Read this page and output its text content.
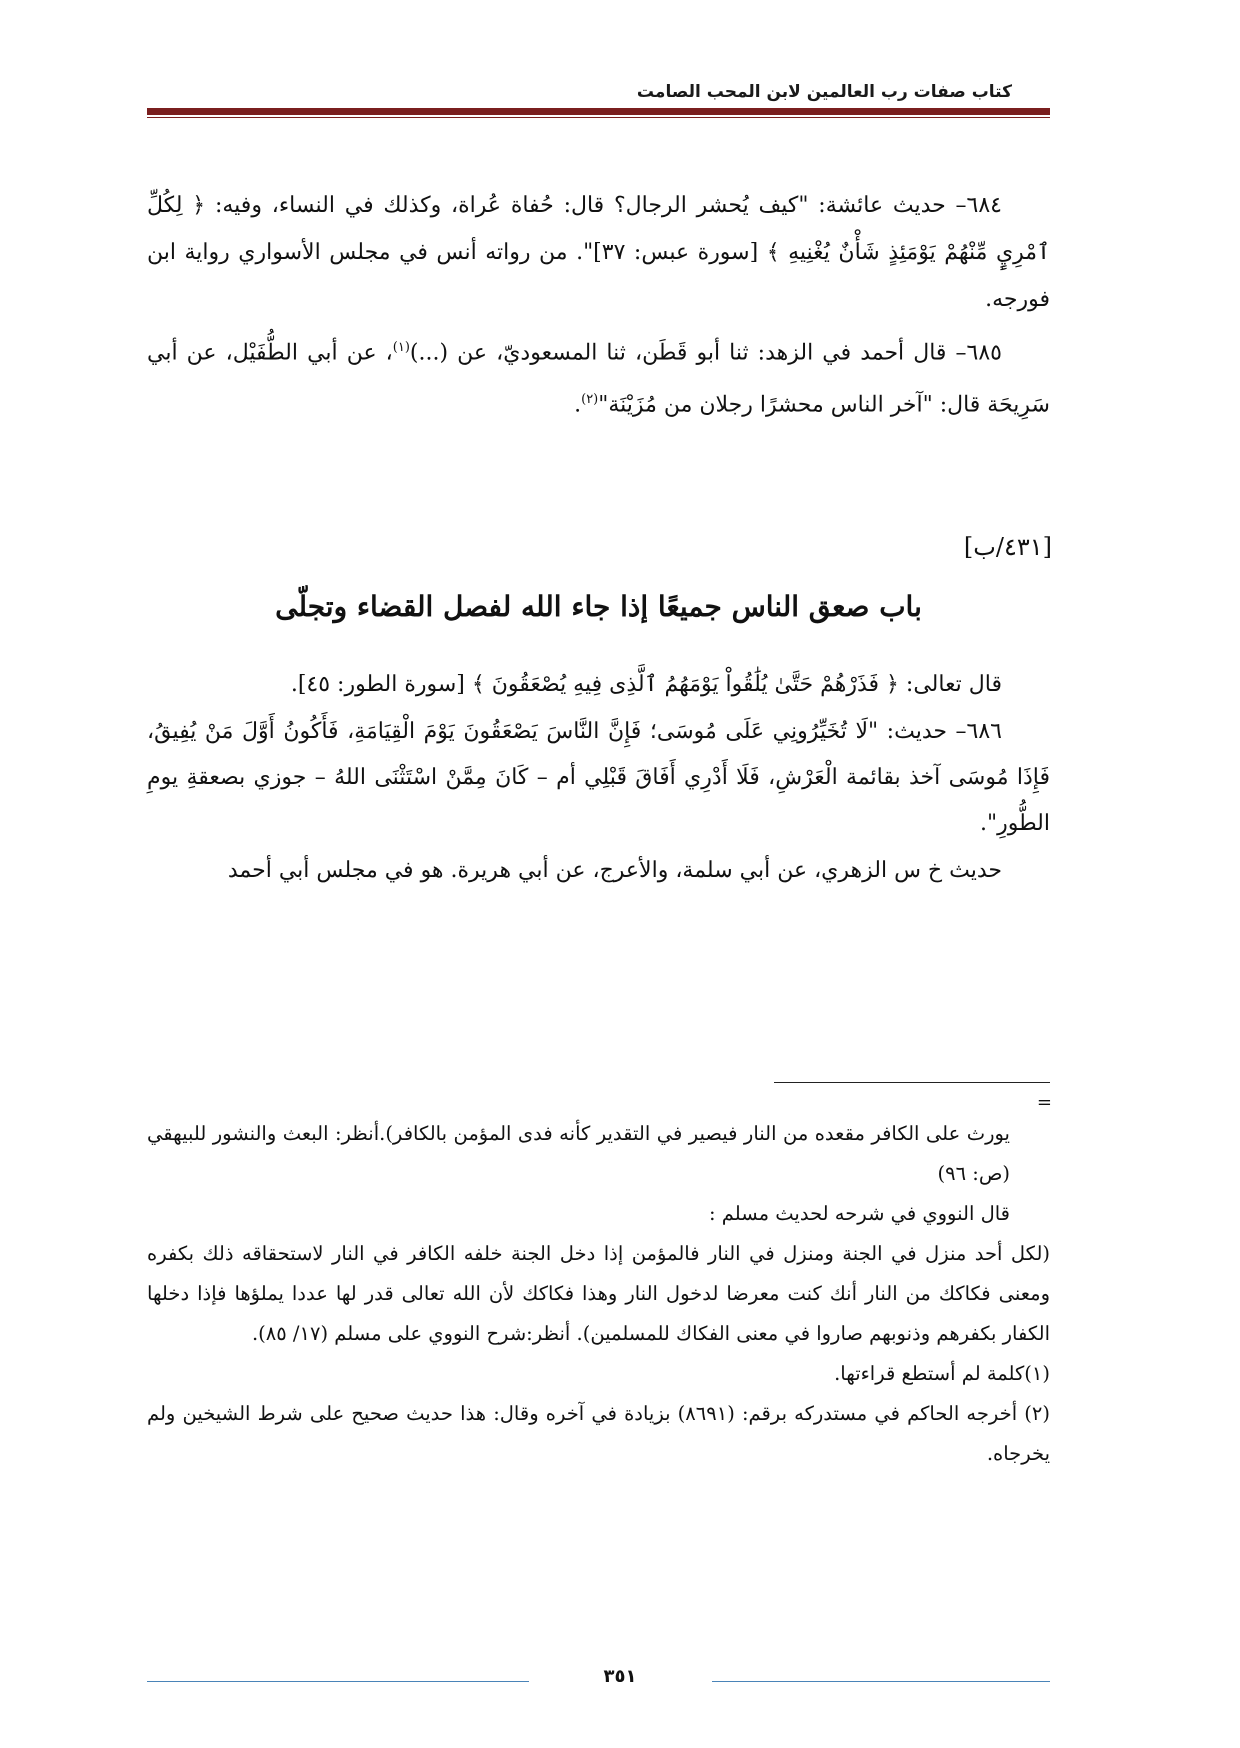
كتاب صفات رب العالمين لابن المحب الصامت

٦٨٤– حديث عائشة: "كيف يُحشر الرجال؟ قال: حُفاة عُراة، وكذلك في النساء، وفيه: ﴿ لِكُلِّ ٱمْرِيٍٕ مِّنْهُمْ يَوْمَئِذٍ شَأْنٌ يُغْنِيهِ ﴾ [سورة عبس: ٣٧]". من رواته أنس في مجلس الأسواري رواية ابن فورجه.

٦٨٥– قال أحمد في الزهد: ثنا أبو قَطَن، ثنا المسعوديّ، عن (...)$^{(١)}$، عن أبي الطُّفَيْل، عن أبي سَرِيحَة قال: "آخر الناس محشرًا رجلان من مُزَيْنَة"$^{(٢)}$.

[٤٣١/ب]
باب صعق الناس جميعًا إذا جاء الله لفصل القضاء وتجلّى

قال تعالى: ﴿ فَذَرْهُمْ حَتَّىٰ يُلَٰقُواْ يَوْمَهُمُ ٱلَّذِى فِيهِ يُصْعَقُونَ ﴾ [سورة الطور: ٤٥].

٦٨٦– حديث: "لَا تُخَيِّرُونِي عَلَى مُوسَى؛ فَإِنَّ النَّاسَ يَصْعَقُونَ يَوْمَ الْقِيَامَةِ، فَأَكُونُ أَوَّلَ مَنْ يُفِيقُ، فَإِذَا مُوسَى آخذ بقائمة الْعَرْشِ، فَلَا أَدْرِي أَفَاقَ قَبْلِي أم – كَانَ مِمَّنْ اسْتَثْنَى اللهُ – جوزي بصعقةِ يومِ الطُّورِ".

حديث خ س الزهري، عن أبي سلمة، والأعرج، عن أبي هريرة. هو في مجلس أبي أحمد

=

يورث على الكافر مقعده من النار فيصير في التقدير كأنه فدى المؤمن بالكافر).أنظر: البعث والنشور للبيهقي (ص: ٩٦)

قال النووي في شرحه لحديث مسلم :

(لكل أحد منزل في الجنة ومنزل في النار فالمؤمن إذا دخل الجنة خلفه الكافر في النار لاستحقاقه ذلك بكفره ومعنى فكاكك من النار أنك كنت معرضا لدخول النار وهذا فكاكك لأن الله تعالى قدر لها عددا يملؤها فإذا دخلها الكفار بكفرهم وذنوبهم صاروا في معنى الفكاك للمسلمين). أنظر:شرح النووي على مسلم (١٧/ ٨٥).

(١)كلمة لم أستطع قراءتها.

(٢) أخرجه الحاكم في مستدركه برقم: (٨٦٩١) بزيادة في آخره وقال: هذا حديث صحيح على شرط الشيخين ولم يخرجاه.

٣٥١
